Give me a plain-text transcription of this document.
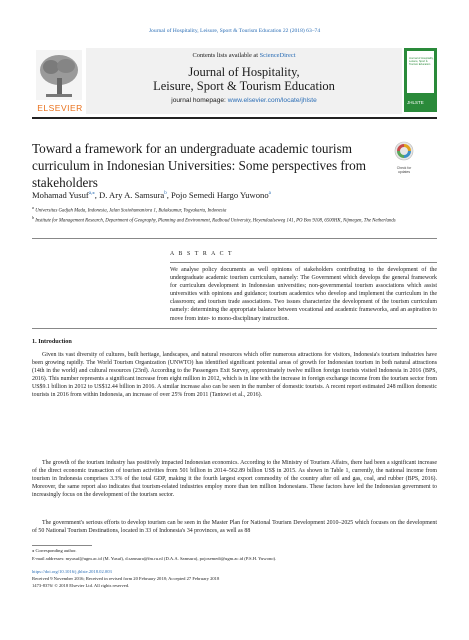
Journal of Hospitality, Leisure, Sport & Tourism Education 22 (2018) 63–74
ELSEVIER
Contents lists available at ScienceDirect
Journal of Hospitality,
Leisure, Sport & Tourism Education
journal homepage: www.elsevier.com/locate/jhlste
Journal of Hospitality, Leisure, Sport & Tourism Education
JHLSTE
Toward a framework for an undergraduate academic tourism curriculum in Indonesian Universities: Some perspectives from stakeholders
Check for updates
Mohamad Yusuf$^{a,⁎}$, D. Ary A. Samsura$^b$, Pojo Semedi Hargo Yuwono$^a$
$^a$ Universitas Gadjah Mada, Indonesia, Jalan Sosiohumaniora 1, Bulaksumur, Yogyakarta, Indonesia
$^b$ Institute for Management Research, Department of Geography, Planning and Environment, Radboud University, Heyendaalseweg 141, PO Box 9108, 6500HK, Nijmegen, The Netherlands
A B S T R A C T

We analyse policy documents as well opinions of stakeholders contributing to the development of the undergraduate academic tourism curriculum, namely: The Government which develops the general framework for curriculum development in Indonesian universities; non-governmental tourism associations which assist universities with opinions and guidance; tourism academics who develop and implement the curriculum in the classroom; and tourism trade associations. Two issues characterize the development of the tourism curriculum namely: determining the appropriate balance between vocational and academic frameworks, and an aspiration to move from inter- to mono-disciplinary instruction.

1. Introduction

Given its vast diversity of cultures, built heritage, landscapes, and natural resources which offer numerous attractions for visitors, Indonesia's tourism industries have been growing rapidly. The World Tourism Organization (UNWTO) has identified significant potential areas of growth for Indonesian tourism in both natural attractions (14th in the world) and cultural resources (23rd). According to the Passengers Exit Survey, approximately twelve million foreign tourists visited Indonesia in 2016 (BPS, 2016). This number represents a significant increase from eight million in 2012, which is in line with the increase in foreign exchange income from the tourism sector from US$9.1 billion in 2012 to US$12.44 billion in 2016. A similar increase also can be seen in the number of domestic tourists. A recent report estimated 248 million domestic tourists in 2016 from within Indonesia, an increase of over 25% from 2011 (Tantowi et al., 2016).

The growth of the tourism industry has positively impacted Indonesian economics. According to the Ministry of Tourism Affairs, there had been a significant increase of the direct economic transaction of tourism activities from 501 billion in 2014–562.89 billion US$ in 2015. As shown in Table 1, currently, the national income from tourism in Indonesia comprises 3.3% of the total GDP, making it the fourth largest export commodity of the country after oil and gas, coal, and rubber (BPS, 2016). Moreover, the same report also indicates that tourism-related industries employ more than ten million Indonesians. These factors have led the Indonesian government to increasingly focus on the development of the tourism sector.

The government's serious efforts to develop tourism can be seen in the Master Plan for National Tourism Development 2010–2025 which focuses on the development of 50 National Tourism Destinations, located in 33 of Indonesia's 34 provinces, as well as 88

⁎ Corresponding author.

E-mail addresses: myusuf@ugm.ac.id (M. Yusuf), d.samsura@fm.ru.nl (D.A.A. Samsura), pojosemedi@ugm.ac.id (P.S.H. Yuwono).

https://doi.org/10.1016/j.jhlste.2018.02.003

Received 9 November 2016; Received in revised form 20 February 2018; Accepted 27 February 2018

1473-8376/ © 2018 Elsevier Ltd. All rights reserved.
